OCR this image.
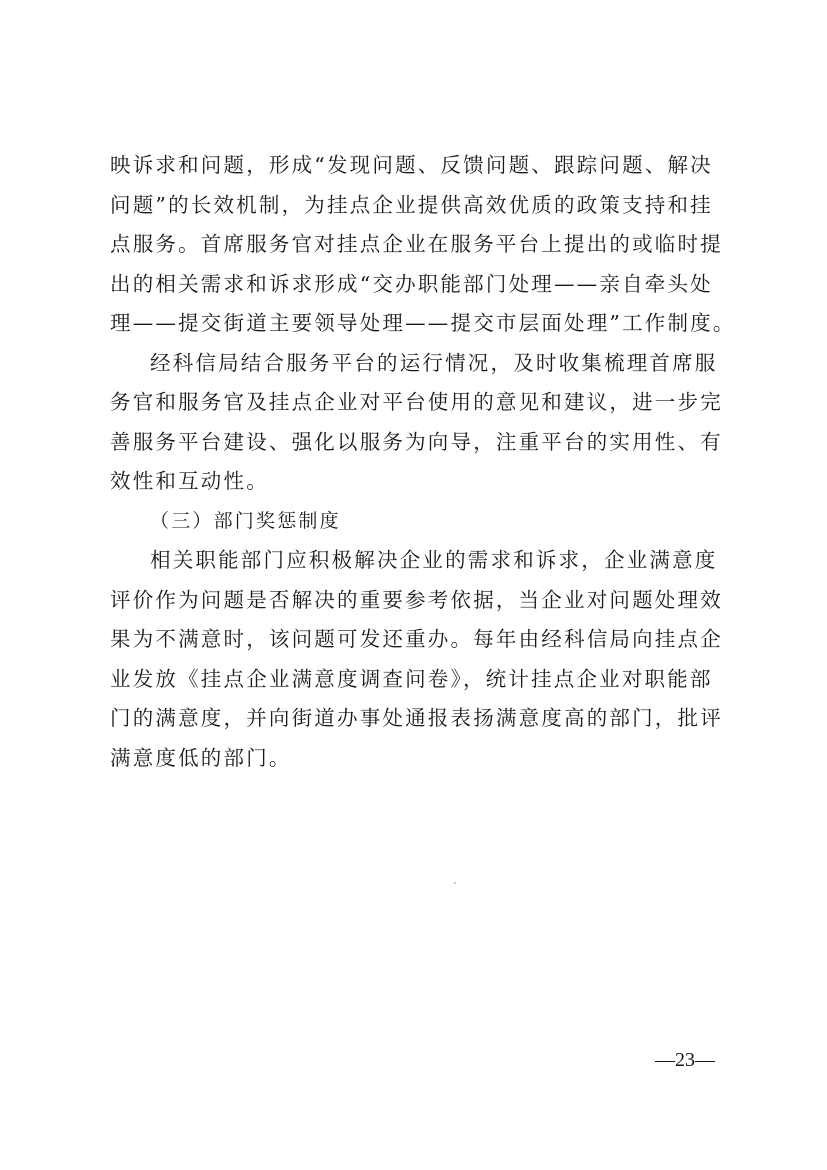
映诉求和问题，形成“发现问题、反馈问题、跟踪问题、解决
问题”的长效机制，为挂点企业提供高效优质的政策支持和挂
点服务。首席服务官对挂点企业在服务平台上提出的或临时提
出的相关需求和诉求形成“交办职能部门处理——亲自牵头处
理——提交街道主要领导处理——提交市层面处理”工作制度。
经科信局结合服务平台的运行情况，及时收集梳理首席服
务官和服务官及挂点企业对平台使用的意见和建议，进一步完
善服务平台建设、强化以服务为向导，注重平台的实用性、有
效性和互动性。
（三）部门奖惩制度
相关职能部门应积极解决企业的需求和诉求，企业满意度
评价作为问题是否解决的重要参考依据，当企业对问题处理效
果为不满意时，该问题可发还重办。每年由经科信局向挂点企
业发放《挂点企业满意度调查问卷》，统计挂点企业对职能部
门的满意度，并向街道办事处通报表扬满意度高的部门，批评
满意度低的部门。
—23—
